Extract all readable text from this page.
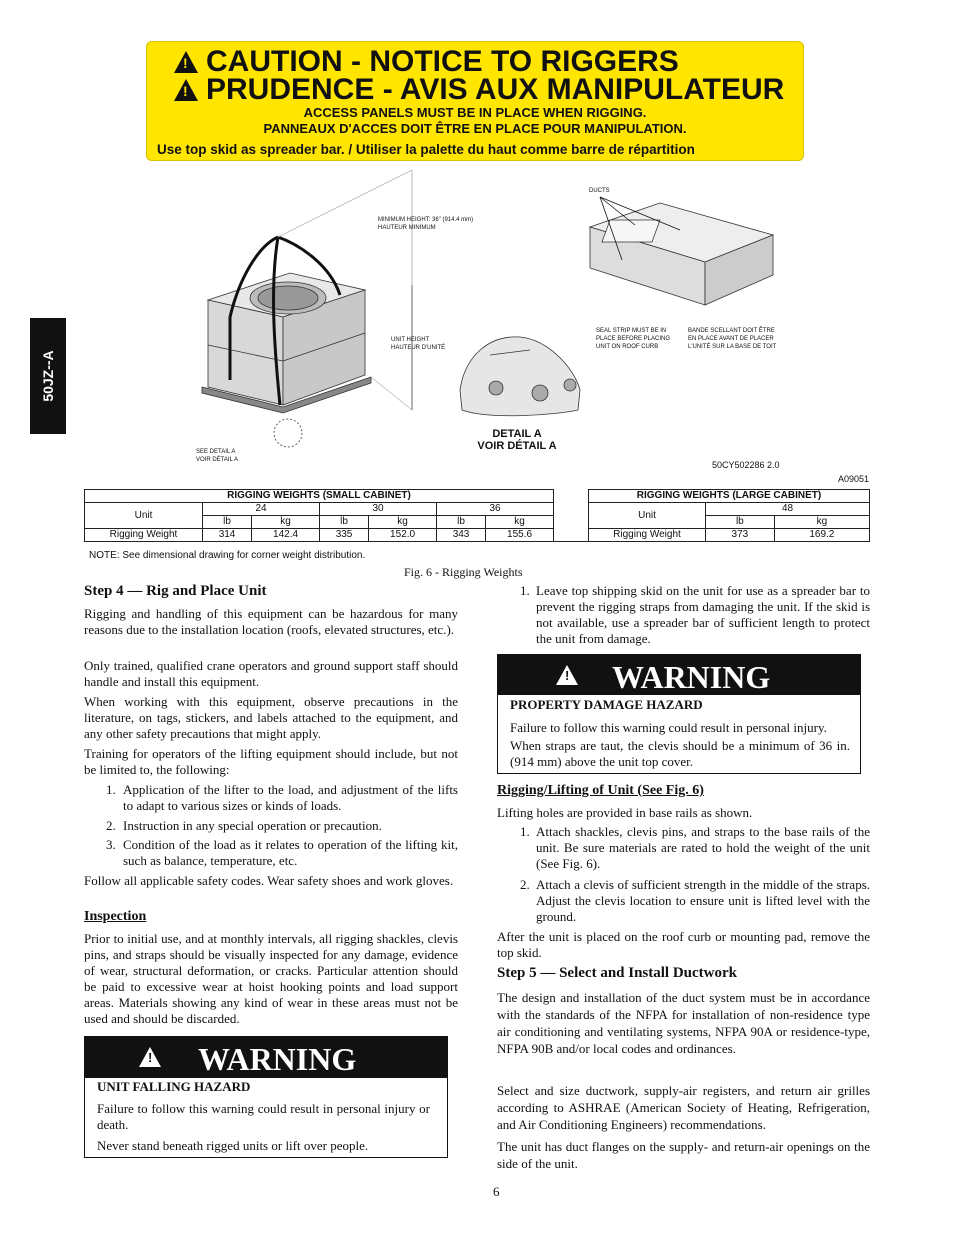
!CAUTION - NOTICE TO RIGGERS
!PRUDENCE - AVIS AUX MANIPULATEUR
ACCESS PANELS MUST BE IN PLACE WHEN RIGGING.
PANNEAUX D'ACCES DOIT ÊTRE EN PLACE POUR MANIPULATION.
Use top skid as spreader bar. / Utiliser la palette du haut comme barre de répartition
50JZ--A
MINIMUM HEIGHT: 36" (914.4 mm)
HAUTEUR MINIMUM
UNIT HEIGHT
HAUTEUR D'UNITÉ
SEE DETAIL A
VOIR DÉTAIL A
DUCTS
SEAL STRIP MUST BE IN
PLACE BEFORE PLACING
UNIT ON ROOF CURB
BANDE SCELLANT DOIT ÊTRE
EN PLACE AVANT DE PLACER
L'UNITÉ SUR LA BASE DE TOIT
DETAIL A
VOIR DÉTAIL A
50CY502286 2.0
A09051
RIGGING WEIGHTS (SMALL CABINET)								RIGGING WEIGHTS (LARGE CABINET)		
Unit	24		30		36			Unit	48	
	lb	kg	lb	kg	lb	kg			lb	kg
Rigging Weight	314	142.4	335	152.0	343	155.6		Rigging Weight	373	169.2
NOTE: See dimensional drawing for corner weight distribution.
Fig. 6 - Rigging Weights
Step 4 — Rig and Place Unit
Rigging and handling of this equipment can be hazardous for many reasons due to the installation location (roofs, elevated structures, etc.).
Only trained, qualified crane operators and ground support staff should handle and install this equipment.
When working with this equipment, observe precautions in the literature, on tags, stickers, and labels attached to the equipment, and any other safety precautions that might apply.
Training for operators of the lifting equipment should include, but not be limited to, the following:
1. Application of the lifter to the load, and adjustment of the lifts to adapt to various sizes or kinds of loads.
2. Instruction in any special operation or precaution.
3. Condition of the load as it relates to operation of the lifting kit, such as balance, temperature, etc.
Follow all applicable safety codes. Wear safety shoes and work gloves.
Inspection
Prior to initial use, and at monthly intervals, all rigging shackles, clevis pins, and straps should be visually inspected for any damage, evidence of wear, structural deformation, or cracks. Particular attention should be paid to excessive wear at hoist hooking points and load support areas. Materials showing any kind of wear in these areas must not be used and should be discarded.
!
WARNING
UNIT FALLING HAZARD
Failure to follow this warning could result in personal injury or death.
Never stand beneath rigged units or lift over people.
1. Leave top shipping skid on the unit for use as a spreader bar to prevent the rigging straps from damaging the unit. If the skid is not available, use a spreader bar of sufficient length to protect the unit from damage.
!
WARNING
PROPERTY DAMAGE HAZARD
Failure to follow this warning could result in personal injury.
When straps are taut, the clevis should be a minimum of 36 in. (914 mm) above the unit top cover.
Rigging/Lifting of Unit (See Fig. 6)
Lifting holes are provided in base rails as shown.
1. Attach shackles, clevis pins, and straps to the base rails of the unit. Be sure materials are rated to hold the weight of the unit (See Fig. 6).
2. Attach a clevis of sufficient strength in the middle of the straps. Adjust the clevis location to ensure unit is lifted level with the ground.
After the unit is placed on the roof curb or mounting pad, remove the top skid.
Step 5 — Select and Install Ductwork
The design and installation of the duct system must be in accordance with the standards of the NFPA for installation of non-residence type air conditioning and ventilating systems, NFPA 90A or residence-type, NFPA 90B and/or local codes and ordinances.
Select and size ductwork, supply-air registers, and return air grilles according to ASHRAE (American Society of Heating, Refrigeration, and Air Conditioning Engineers) recommendations.
The unit has duct flanges on the supply- and return-air openings on the side of the unit.
6
